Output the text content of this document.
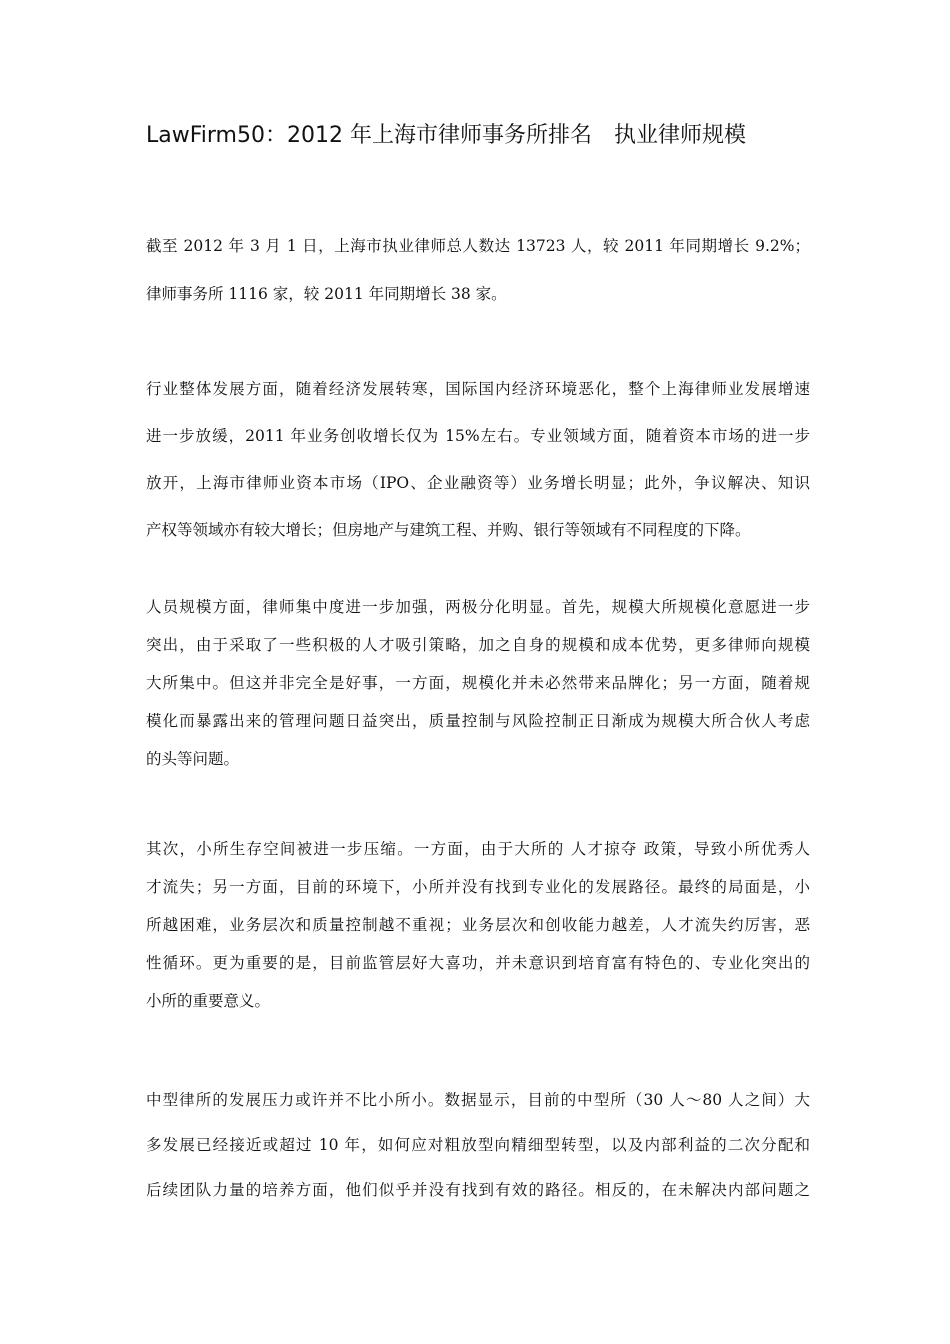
LawFirm50：2012 年上海市律师事务所排名　执业律师规模

截至 2012 年 3 月 1 日，上海市执业律师总人数达 13723 人，较 2011 年同期增长 9.2%；
律师事务所 1116 家，较 2011 年同期增长 38 家。

行业整体发展方面，随着经济发展转寒，国际国内经济环境恶化，整个上海律师业发展增速
进一步放缓，2011 年业务创收增长仅为 15%左右。专业领域方面，随着资本市场的进一步
放开，上海市律师业资本市场（IPO、企业融资等）业务增长明显；此外，争议解决、知识
产权等领域亦有较大增长；但房地产与建筑工程、并购、银行等领域有不同程度的下降。

人员规模方面，律师集中度进一步加强，两极分化明显。首先，规模大所规模化意愿进一步
突出，由于采取了一些积极的人才吸引策略，加之自身的规模和成本优势，更多律师向规模
大所集中。但这并非完全是好事，一方面，规模化并未必然带来品牌化；另一方面，随着规
模化而暴露出来的管理问题日益突出，质量控制与风险控制正日渐成为规模大所合伙人考虑
的头等问题。

其次，小所生存空间被进一步压缩。一方面，由于大所的 人才掠夺 政策，导致小所优秀人
才流失；另一方面，目前的环境下，小所并没有找到专业化的发展路径。最终的局面是，小
所越困难，业务层次和质量控制越不重视；业务层次和创收能力越差，人才流失约厉害，恶
性循环。更为重要的是，目前监管层好大喜功，并未意识到培育富有特色的、专业化突出的
小所的重要意义。

中型律所的发展压力或许并不比小所小。数据显示，目前的中型所（30 人～80 人之间）大
多发展已经接近或超过 10 年，如何应对粗放型向精细型转型，以及内部利益的二次分配和
后续团队力量的培养方面，他们似乎并没有找到有效的路径。相反的，在未解决内部问题之
